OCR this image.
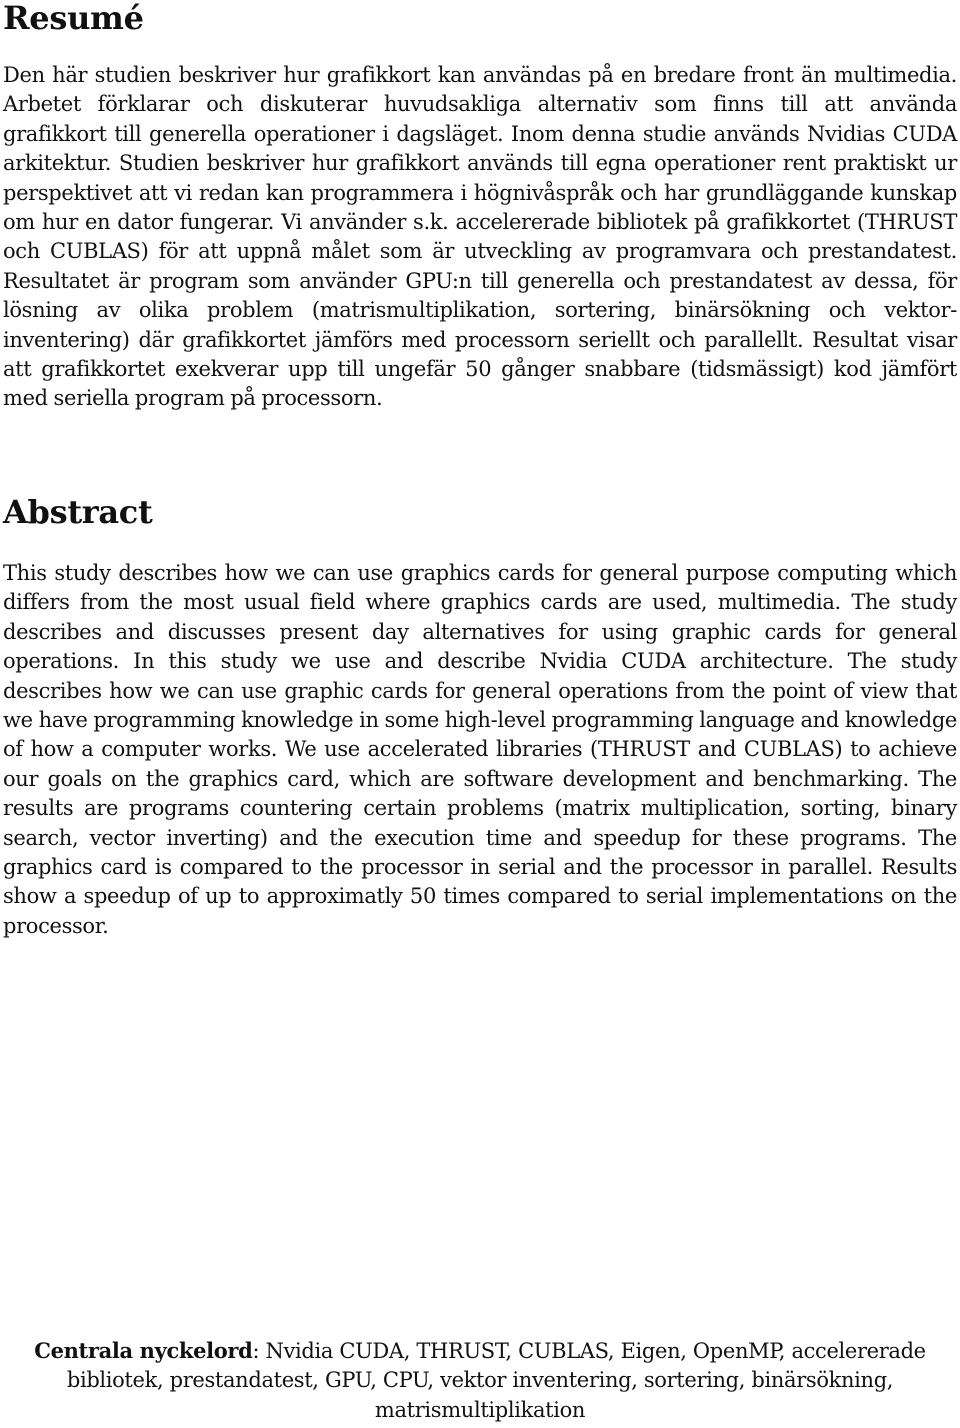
Resumé

Den här studien beskriver hur grafikkort kan användas på en bredare front än multimedia. Arbetet förklarar och diskuterar huvudsakliga alternativ som finns till att använda grafikkort till generella operationer i dagsläget. Inom denna studie används Nvidias CUDA arkitektur. Studien beskriver hur grafikkort används till egna operationer rent praktiskt ur perspektivet att vi redan kan programmera i högnivåspråk och har grundläggande kunskap om hur en dator fungerar. Vi använder s.k. accelererade bibliotek på grafikkortet (THRUST och CUBLAS) för att uppnå målet som är utveckling av programvara och prestandatest. Resultatet är program som använder GPU:n till generella och prestandatest av dessa, för lösning av olika problem (matrismultiplikation, sortering, binärsökning och vektor-inventering) där grafikkortet jämförs med processorn seriellt och parallellt. Resultat visar att grafikkortet exekverar upp till ungefär 50 gånger snabbare (tidsmässigt) kod jämfört med seriella program på processorn.

Abstract

This study describes how we can use graphics cards for general purpose computing which differs from the most usual field where graphics cards are used, multimedia. The study describes and discusses present day alternatives for using graphic cards for general operations. In this study we use and describe Nvidia CUDA architecture. The study describes how we can use graphic cards for general operations from the point of view that we have programming knowledge in some high-level programming language and knowledge of how a computer works. We use accelerated libraries (THRUST and CUBLAS) to achieve our goals on the graphics card, which are software development and benchmarking. The results are programs countering certain problems (matrix multiplication, sorting, binary search, vector inverting) and the execution time and speedup for these programs. The graphics card is compared to the processor in serial and the processor in parallel. Results show a speedup of up to approximatly 50 times compared to serial implementations on the processor.

Centrala nyckelord: Nvidia CUDA, THRUST, CUBLAS, Eigen, OpenMP, accelererade bibliotek, prestandatest, GPU, CPU, vektor inventering, sortering, binärsökning, matrismultiplikation
